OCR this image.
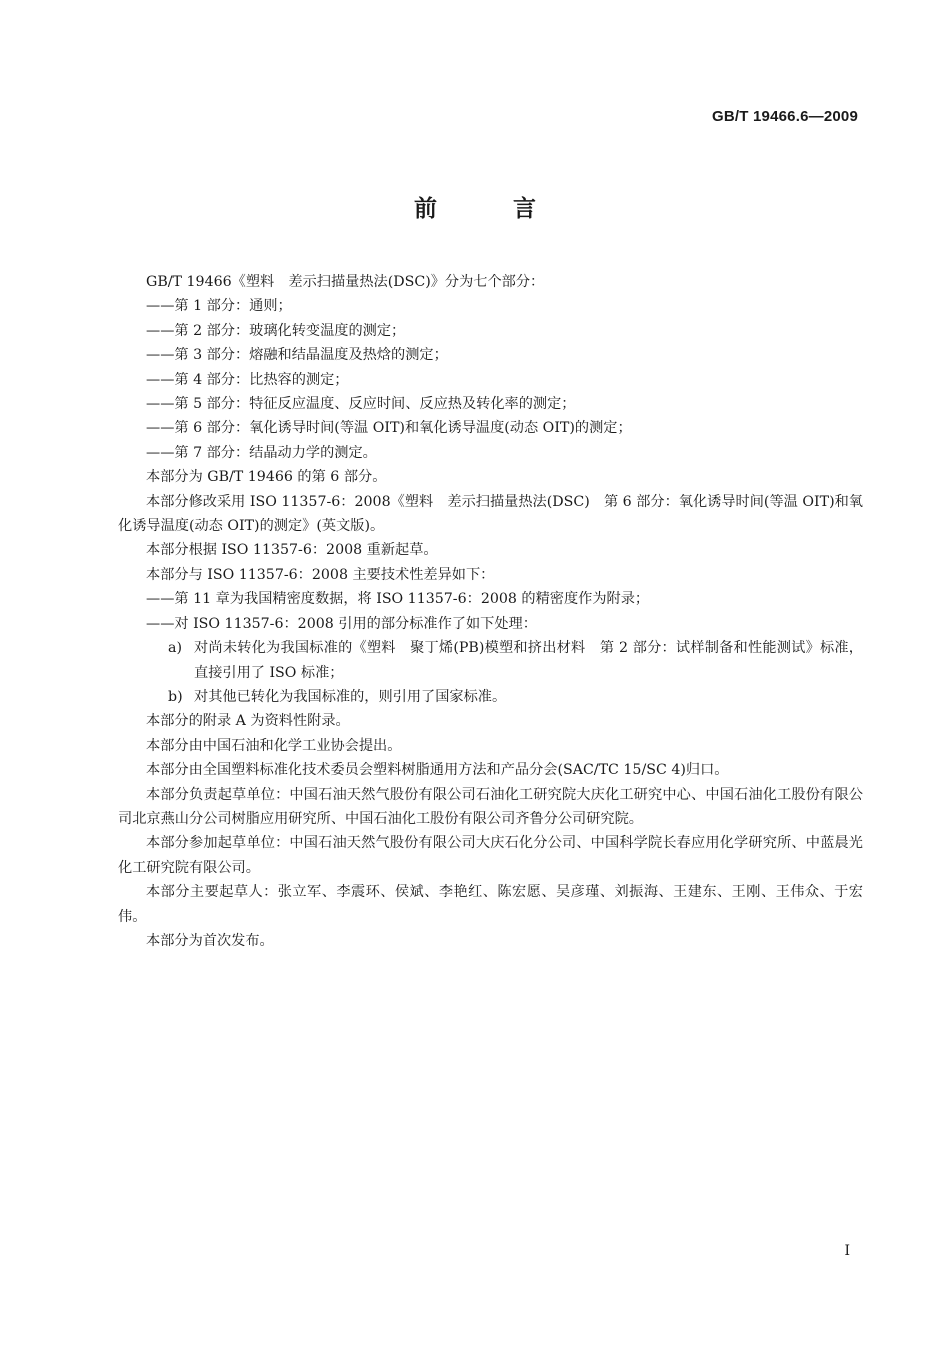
GB/T 19466.6—2009
前 言

GB/T 19466《塑料　差示扫描量热法(DSC)》分为七个部分：

——第 1 部分：通则；

——第 2 部分：玻璃化转变温度的测定；

——第 3 部分：熔融和结晶温度及热焓的测定；

——第 4 部分：比热容的测定；

——第 5 部分：特征反应温度、反应时间、反应热及转化率的测定；

——第 6 部分：氧化诱导时间(等温 OIT)和氧化诱导温度(动态 OIT)的测定；

——第 7 部分：结晶动力学的测定。

本部分为 GB/T 19466 的第 6 部分。

本部分修改采用 ISO 11357-6：2008《塑料　差示扫描量热法(DSC)　第 6 部分：氧化诱导时间(等温 OIT)和氧化诱导温度(动态 OIT)的测定》(英文版)。

本部分根据 ISO 11357-6：2008 重新起草。

本部分与 ISO 11357-6：2008 主要技术性差异如下：

——第 11 章为我国精密度数据，将 ISO 11357-6：2008 的精密度作为附录；

——对 ISO 11357-6：2008 引用的部分标准作了如下处理：

a) 对尚未转化为我国标准的《塑料　聚丁烯(PB)模塑和挤出材料　第 2 部分：试样制备和性能测试》标准，直接引用了 ISO 标准；
b) 对其他已转化为我国标准的，则引用了国家标准。

本部分的附录 A 为资料性附录。

本部分由中国石油和化学工业协会提出。

本部分由全国塑料标准化技术委员会塑料树脂通用方法和产品分会(SAC/TC 15/SC 4)归口。

本部分负责起草单位：中国石油天然气股份有限公司石油化工研究院大庆化工研究中心、中国石油化工股份有限公司北京燕山分公司树脂应用研究所、中国石油化工股份有限公司齐鲁分公司研究院。

本部分参加起草单位：中国石油天然气股份有限公司大庆石化分公司、中国科学院长春应用化学研究所、中蓝晨光化工研究院有限公司。

本部分主要起草人：张立军、李震环、侯斌、李艳红、陈宏愿、吴彦瑾、刘振海、王建东、王刚、王伟众、于宏伟。

本部分为首次发布。

I
